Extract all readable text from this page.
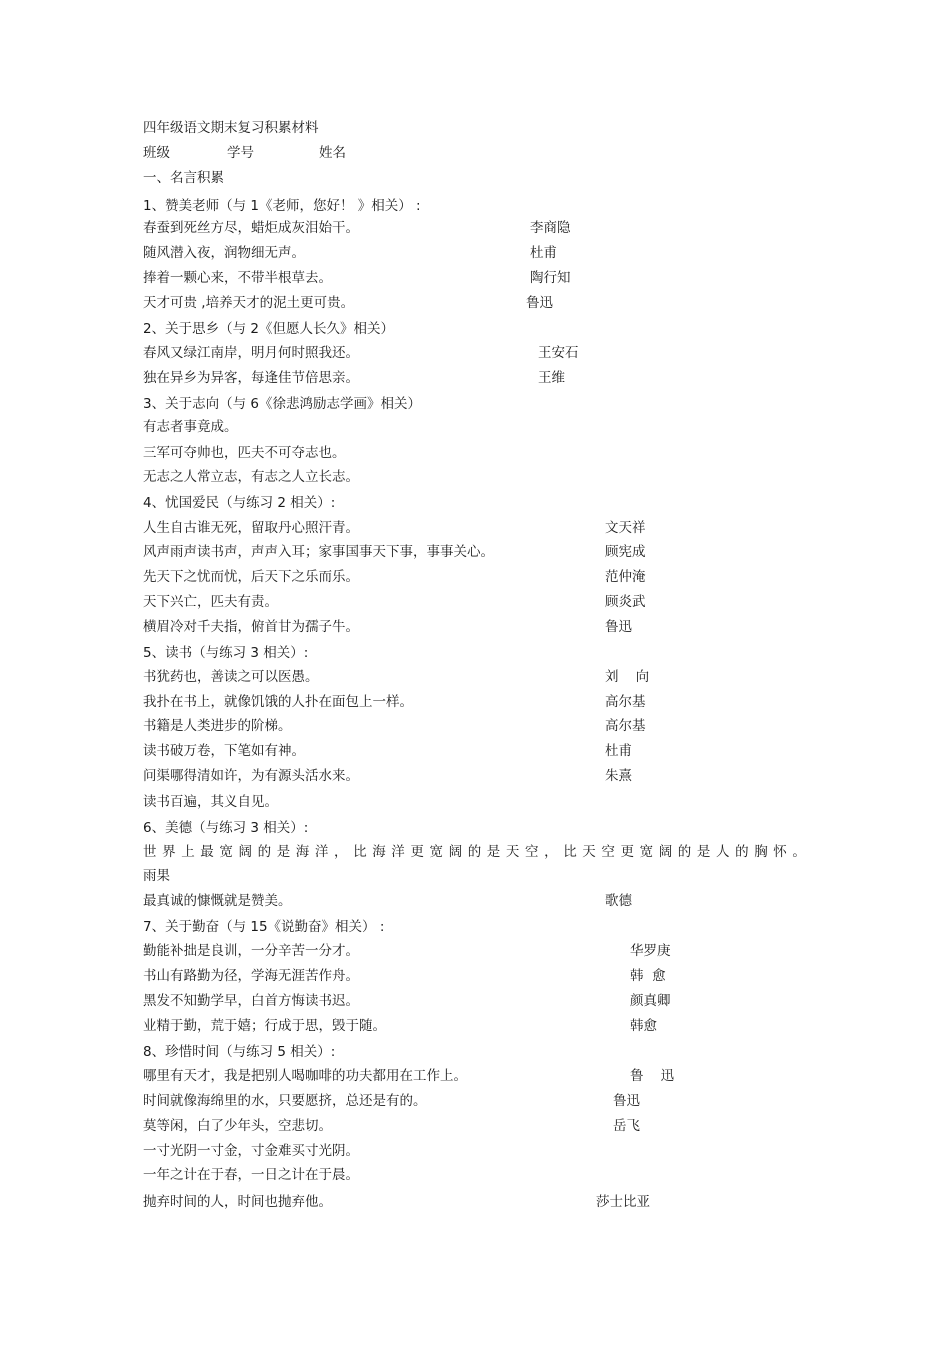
四年级语文期末复习积累材料
班级	学号	姓名
一、名言积累
1、赞美老师（与 1《老师，您好！ 》相关） :
春蚕到死丝方尽，蜡炬成灰泪始干。	李商隐
随风潜入夜，润物细无声。	杜甫
捧着一颗心来，不带半根草去。	陶行知
天才可贵 ,培养天才的泥土更可贵。	鲁迅
2、关于思乡（与 2《但愿人长久》相关）
春风又绿江南岸，明月何时照我还。	王安石
独在异乡为异客，每逢佳节倍思亲。	王维
3、关于志向（与 6《徐悲鸿励志学画》相关）
有志者事竟成。
三军可夺帅也，匹夫不可夺志也。
无志之人常立志，有志之人立长志。
4、忧国爱民（与练习 2 相关）:
人生自古谁无死，留取丹心照汗青。	文天祥
风声雨声读书声，声声入耳；家事国事天下事，事事关心。	顾宪成
先天下之忧而忧，后天下之乐而乐。	范仲淹
天下兴亡，匹夫有责。	顾炎武
横眉冷对千夫指，俯首甘为孺子牛。	鲁迅
5、读书（与练习 3 相关）:
书犹药也，善读之可以医愚。	刘    向
我扑在书上，就像饥饿的人扑在面包上一样。	高尔基
书籍是人类进步的阶梯。	高尔基
读书破万卷，下笔如有神。	杜甫
问渠哪得清如许，为有源头活水来。	朱熹
读书百遍，其义自见。
6、美德（与练习 3 相关）:
世界上最宽阔的是海洋，比海洋更宽阔的是天空，比天空更宽阔的是人的胸怀。
雨果
最真诚的慷慨就是赞美。	歌德
7、关于勤奋（与 15《说勤奋》相关） :
勤能补拙是良训，一分辛苦一分才。	华罗庚
书山有路勤为径，学海无涯苦作舟。	韩  愈
黑发不知勤学早，白首方悔读书迟。	颜真卿
业精于勤，荒于嬉；行成于思，毁于随。	韩愈
8、珍惜时间（与练习 5 相关）:
哪里有天才，我是把别人喝咖啡的功夫都用在工作上。	鲁    迅
时间就像海绵里的水，只要愿挤，总还是有的。	鲁迅
莫等闲，白了少年头，空悲切。	岳飞
一寸光阴一寸金，寸金难买寸光阴。
一年之计在于春，一日之计在于晨。
抛弃时间的人，时间也抛弃他。	莎士比亚
